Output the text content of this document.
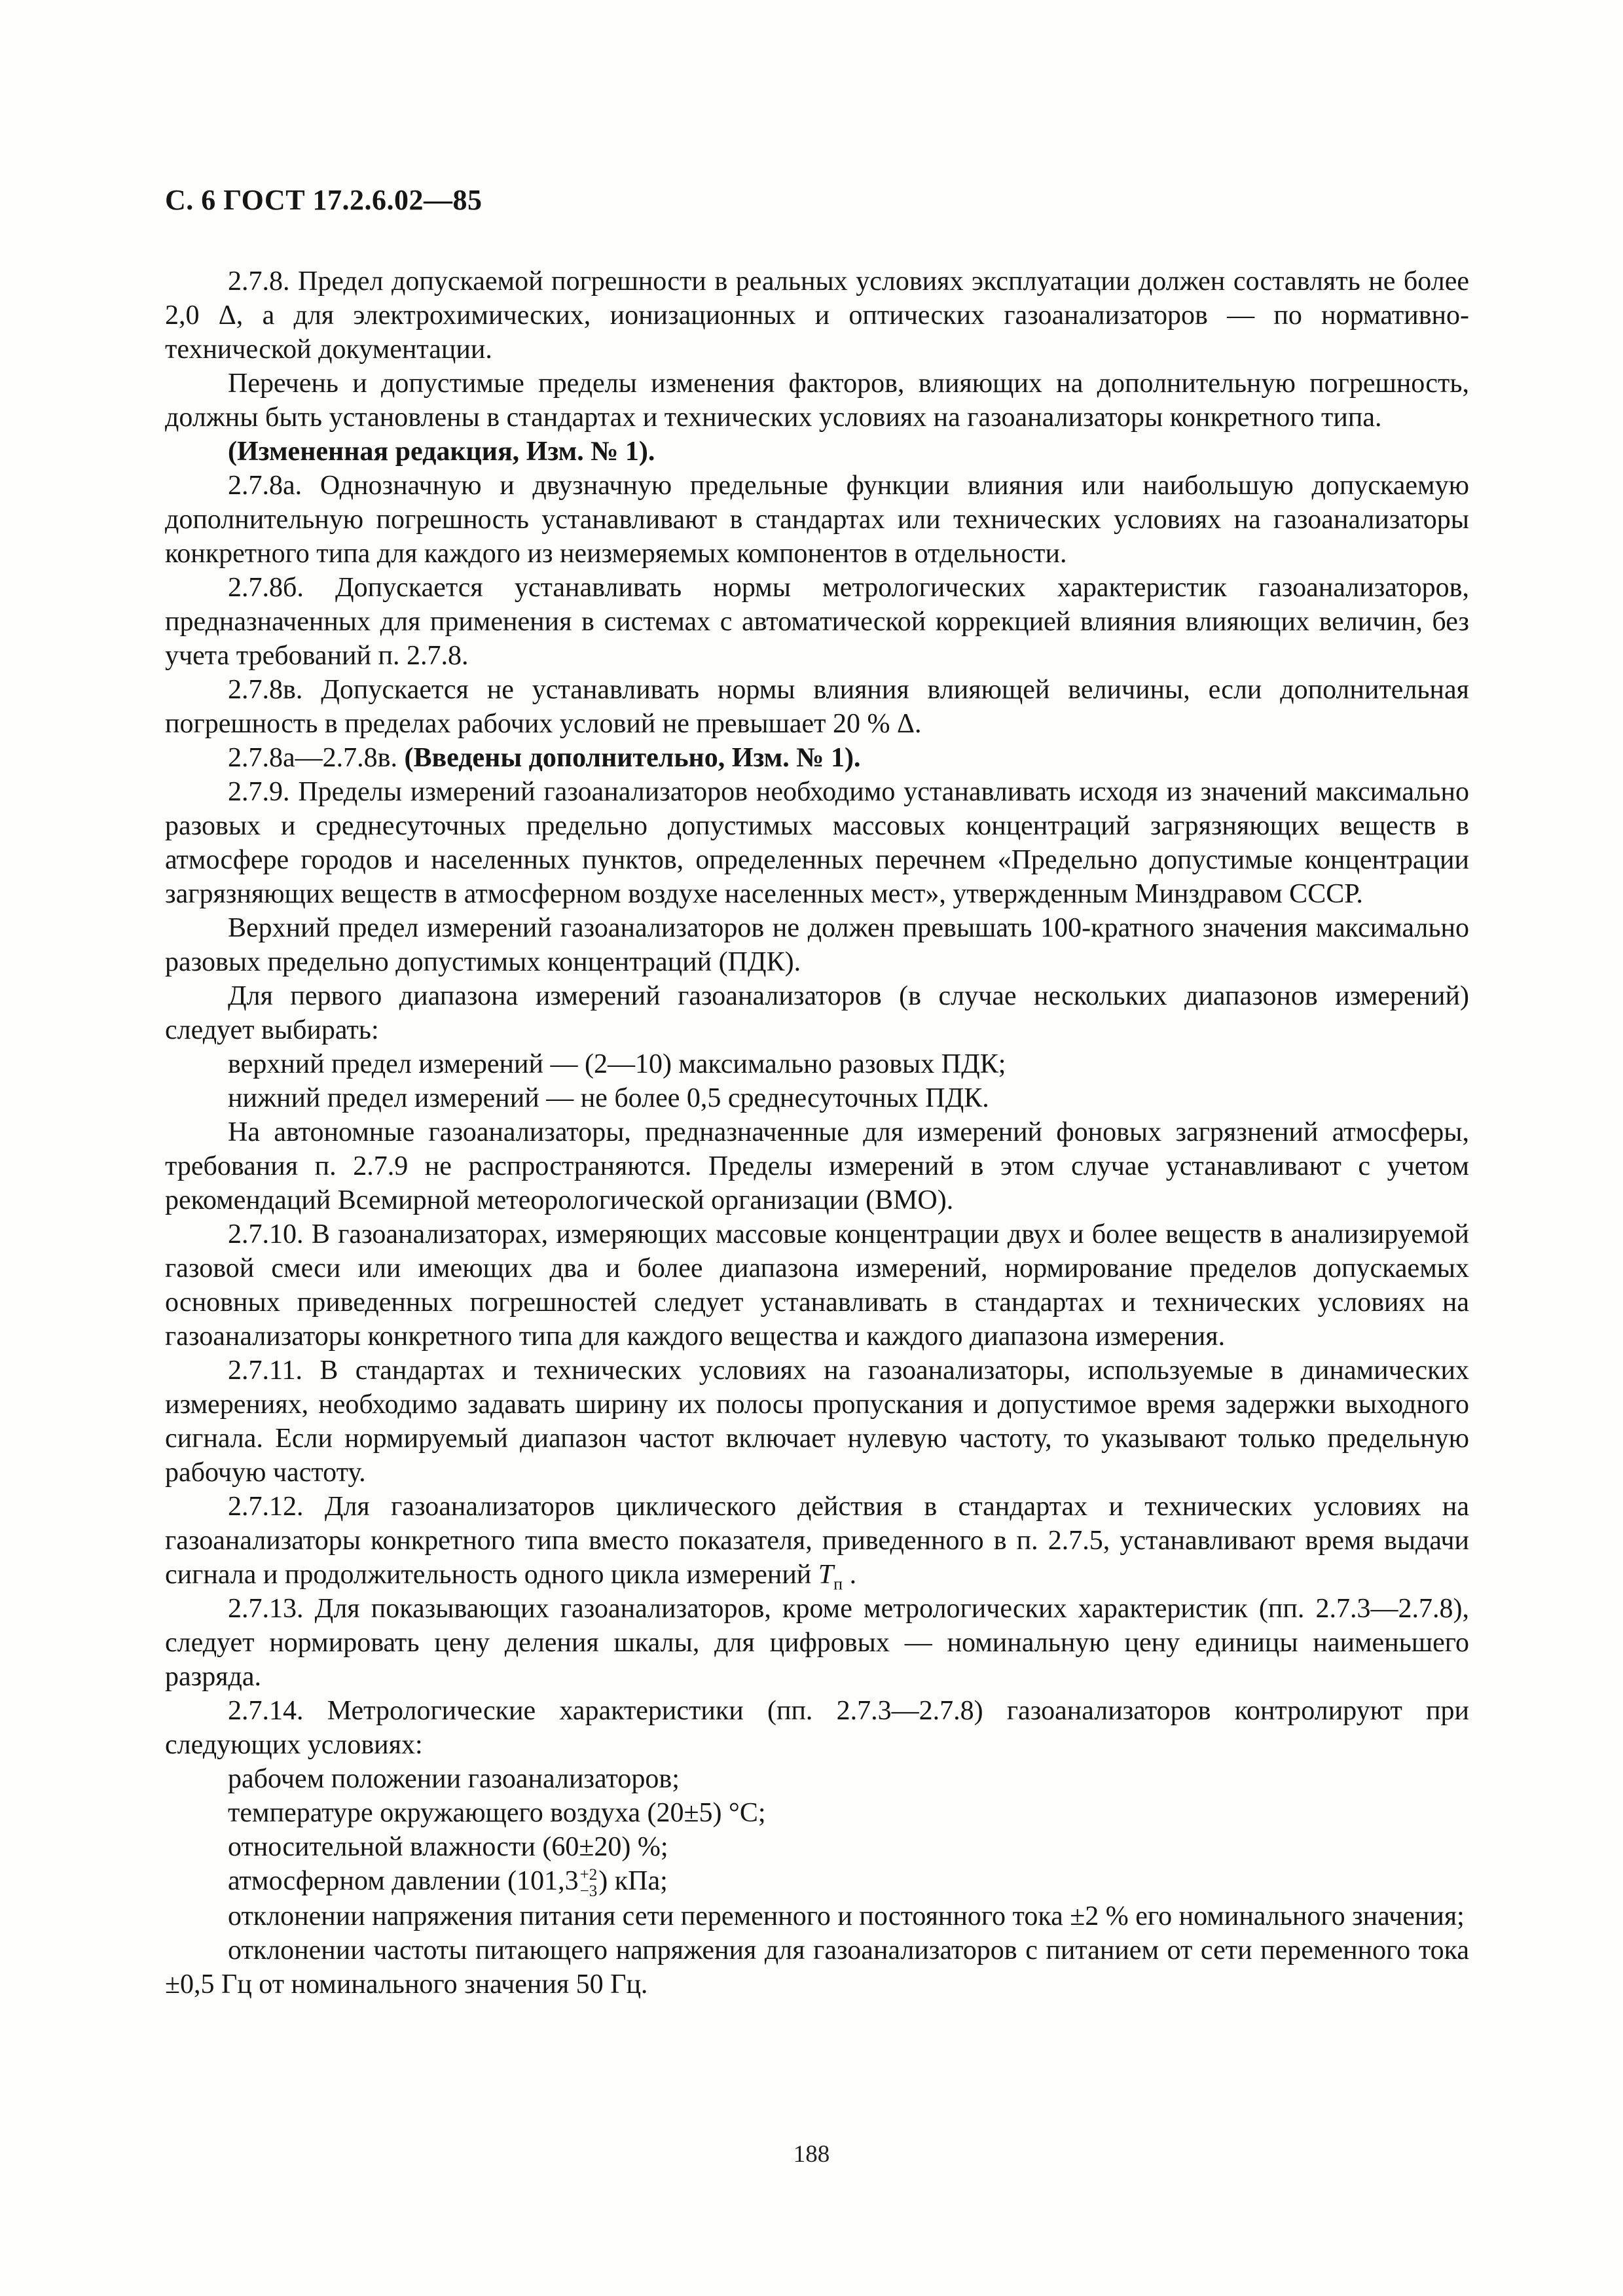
С. 6 ГОСТ 17.2.6.02—85

2.7.8. Предел допускаемой погрешности в реальных условиях эксплуатации должен составлять не более 2,0 Δ, а для электрохимических, ионизационных и оптических газоанализаторов — по нормативно-технической документации.

Перечень и допустимые пределы изменения факторов, влияющих на дополнительную погрешность, должны быть установлены в стандартах и технических условиях на газоанализаторы конкретного типа.

(Измененная редакция, Изм. № 1).

2.7.8а. Однозначную и двузначную предельные функции влияния или наибольшую допускаемую дополнительную погрешность устанавливают в стандартах или технических условиях на газоанализаторы конкретного типа для каждого из неизмеряемых компонентов в отдельности.

2.7.8б. Допускается устанавливать нормы метрологических характеристик газоанализаторов, предназначенных для применения в системах с автоматической коррекцией влияния влияющих величин, без учета требований п. 2.7.8.

2.7.8в. Допускается не устанавливать нормы влияния влияющей величины, если дополнительная погрешность в пределах рабочих условий не превышает 20 % Δ.

2.7.8а—2.7.8в. (Введены дополнительно, Изм. № 1).

2.7.9. Пределы измерений газоанализаторов необходимо устанавливать исходя из значений максимально разовых и среднесуточных предельно допустимых массовых концентраций загрязняющих веществ в атмосфере городов и населенных пунктов, определенных перечнем «Предельно допустимые концентрации загрязняющих веществ в атмосферном воздухе населенных мест», утвержденным Минздравом СССР.

Верхний предел измерений газоанализаторов не должен превышать 100-кратного значения максимально разовых предельно допустимых концентраций (ПДК).

Для первого диапазона измерений газоанализаторов (в случае нескольких диапазонов измерений) следует выбирать:

верхний предел измерений — (2—10) максимально разовых ПДК;

нижний предел измерений — не более 0,5 среднесуточных ПДК.

На автономные газоанализаторы, предназначенные для измерений фоновых загрязнений атмосферы, требования п. 2.7.9 не распространяются. Пределы измерений в этом случае устанавливают с учетом рекомендаций Всемирной метеорологической организации (ВМО).

2.7.10. В газоанализаторах, измеряющих массовые концентрации двух и более веществ в анализируемой газовой смеси или имеющих два и более диапазона измерений, нормирование пределов допускаемых основных приведенных погрешностей следует устанавливать в стандартах и технических условиях на газоанализаторы конкретного типа для каждого вещества и каждого диапазона измерения.

2.7.11. В стандартах и технических условиях на газоанализаторы, используемые в динамических измерениях, необходимо задавать ширину их полосы пропускания и допустимое время задержки выходного сигнала. Если нормируемый диапазон частот включает нулевую частоту, то указывают только предельную рабочую частоту.

2.7.12. Для газоанализаторов циклического действия в стандартах и технических условиях на газоанализаторы конкретного типа вместо показателя, приведенного в п. 2.7.5, устанавливают время выдачи сигнала и продолжительность одного цикла измерений $T_п$ .

2.7.13. Для показывающих газоанализаторов, кроме метрологических характеристик (пп. 2.7.3—2.7.8), следует нормировать цену деления шкалы, для цифровых — номинальную цену единицы наименьшего разряда.

2.7.14. Метрологические характеристики (пп. 2.7.3—2.7.8) газоанализаторов контролируют при следующих условиях:

рабочем положении газоанализаторов;

температуре окружающего воздуха (20±5) °С;

относительной влажности (60±20) %;

атмосферном давлении (101,3 +2
−3 ) кПа;

отклонении напряжения питания сети переменного и постоянного тока ±2 % его номинального значения;

отклонении частоты питающего напряжения для газоанализаторов с питанием от сети переменного тока ±0,5 Гц от номинального значения 50 Гц.

188
